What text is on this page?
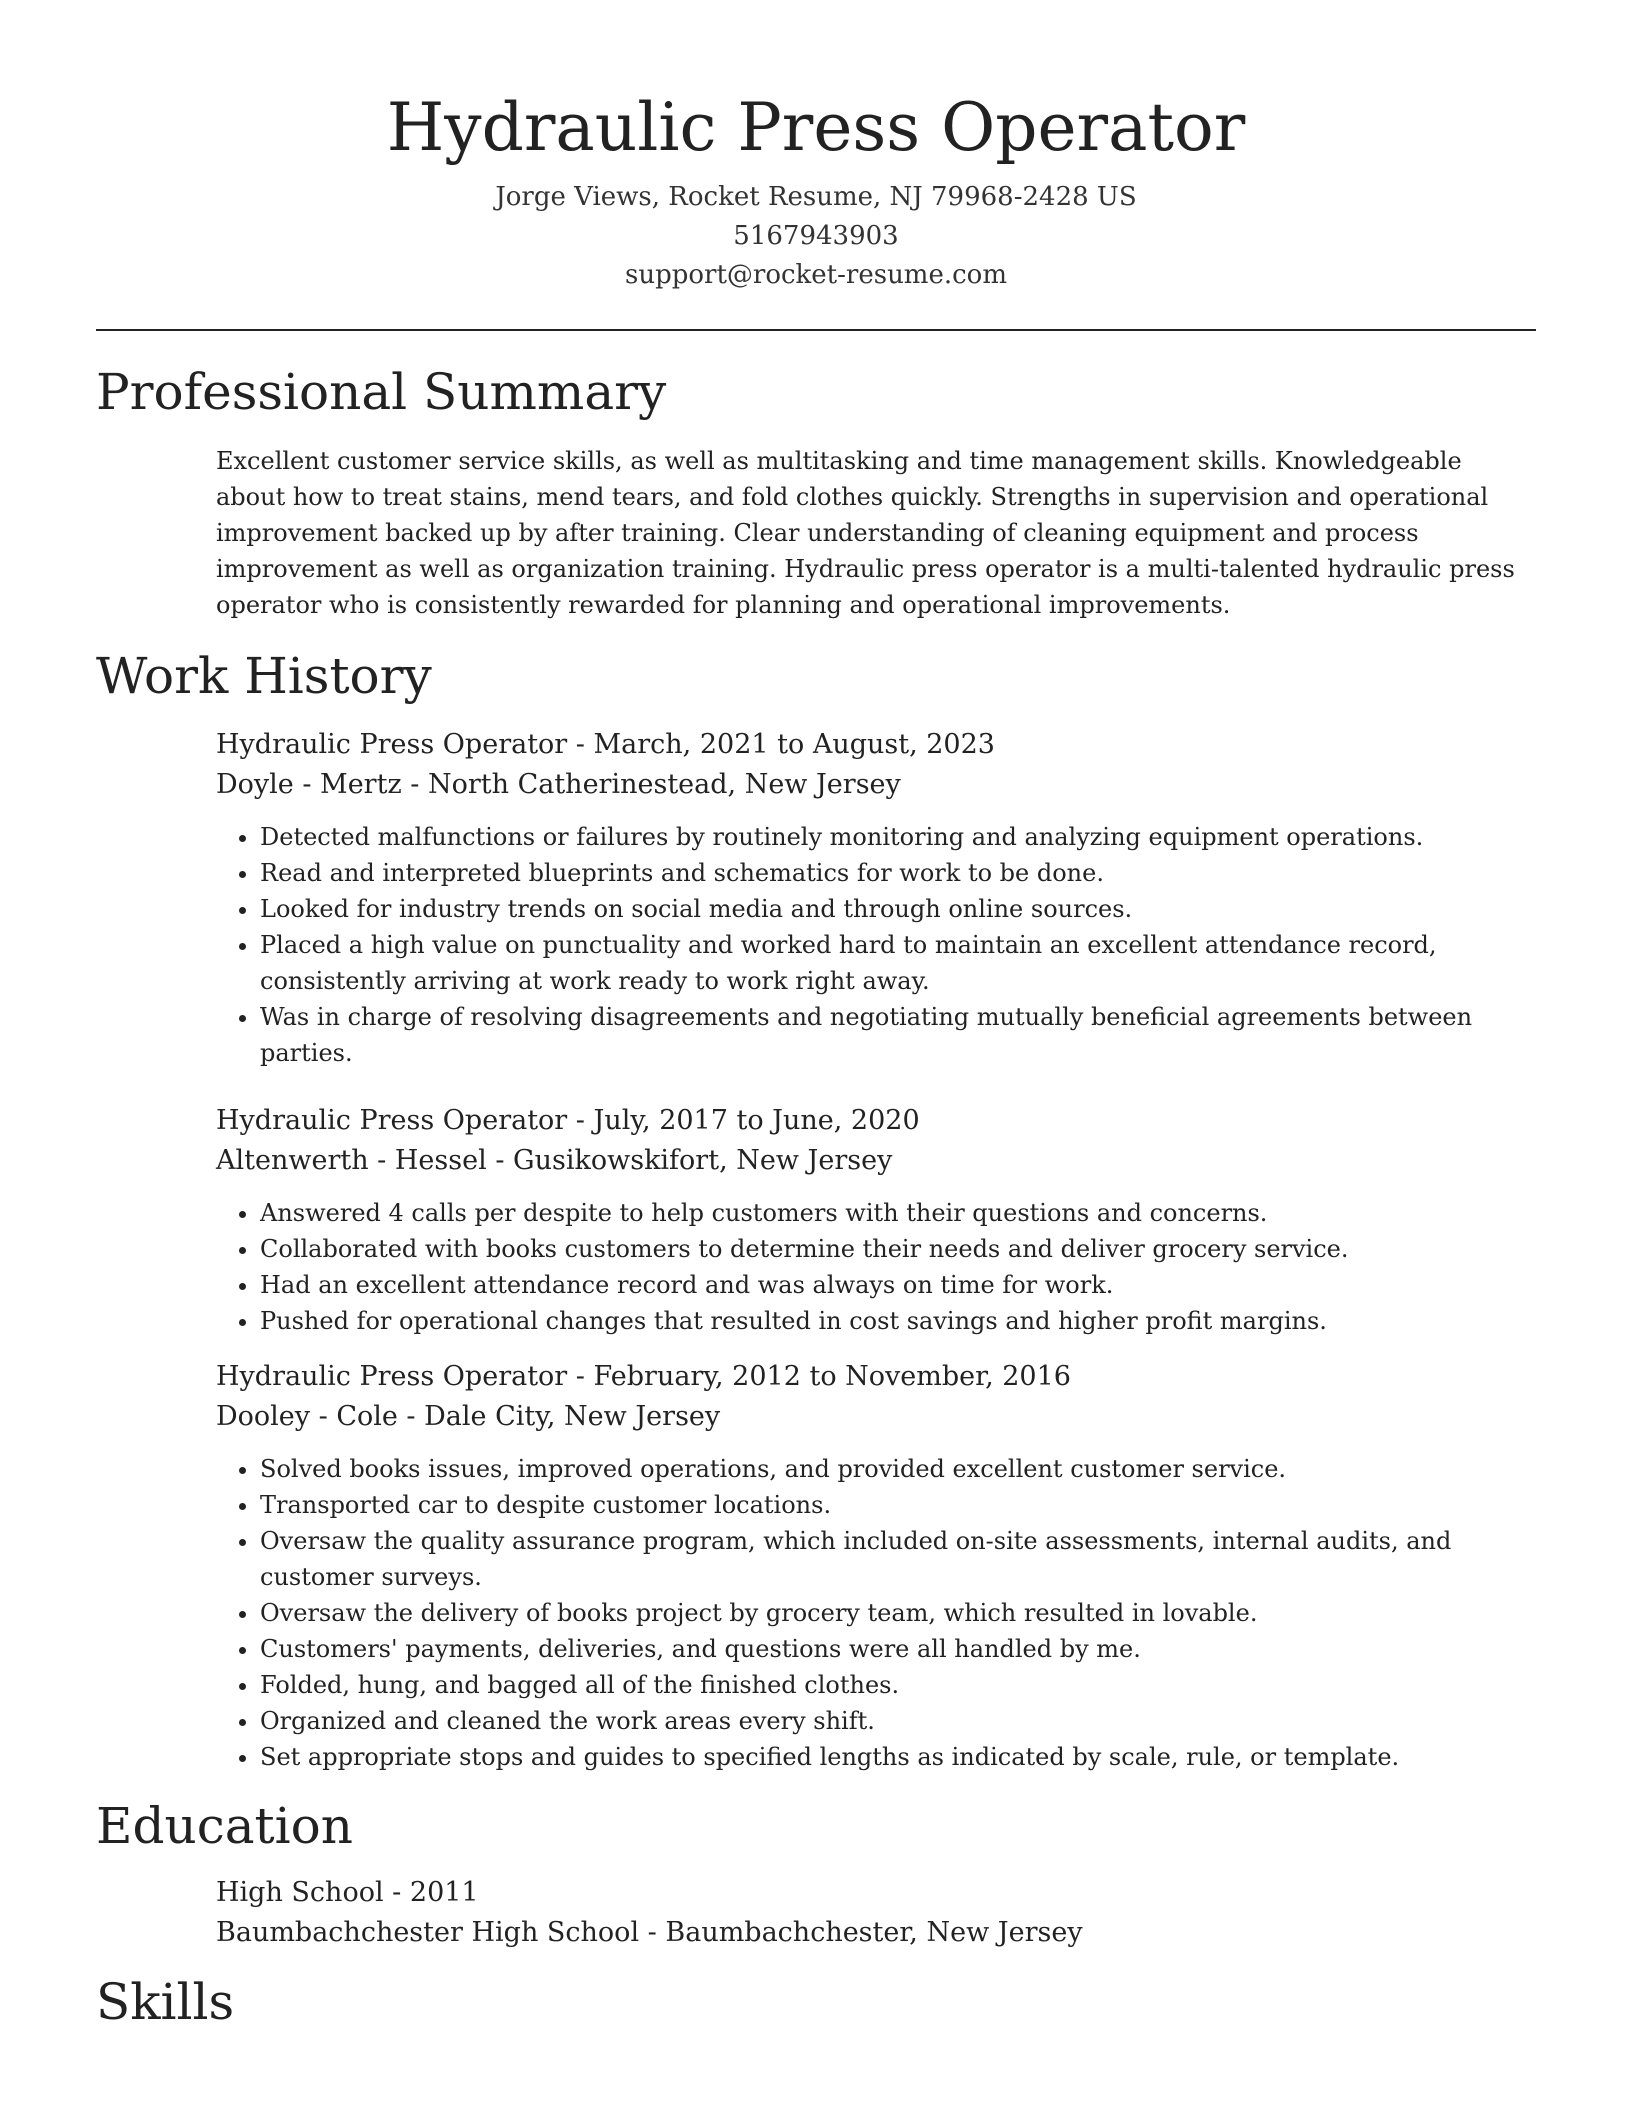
Hydraulic Press Operator
Jorge Views, Rocket Resume, NJ 79968-2428 US
5167943903
support@rocket-resume.com
Professional Summary
Excellent customer service skills, as well as multitasking and time management skills. Knowledgeable about how to treat stains, mend tears, and fold clothes quickly. Strengths in supervision and operational improvement backed up by after training. Clear understanding of cleaning equipment and process improvement as well as organization training. Hydraulic press operator is a multi-talented hydraulic press operator who is consistently rewarded for planning and operational improvements.
Work History
Hydraulic Press Operator - March, 2021 to August, 2023
Doyle - Mertz - North Catherinestead, New Jersey
• Detected malfunctions or failures by routinely monitoring and analyzing equipment operations.
• Read and interpreted blueprints and schematics for work to be done.
• Looked for industry trends on social media and through online sources.
• Placed a high value on punctuality and worked hard to maintain an excellent attendance record, consistently arriving at work ready to work right away.
• Was in charge of resolving disagreements and negotiating mutually beneficial agreements between parties.
Hydraulic Press Operator - July, 2017 to June, 2020
Altenwerth - Hessel - Gusikowskifort, New Jersey
• Answered 4 calls per despite to help customers with their questions and concerns.
• Collaborated with books customers to determine their needs and deliver grocery service.
• Had an excellent attendance record and was always on time for work.
• Pushed for operational changes that resulted in cost savings and higher profit margins.
Hydraulic Press Operator - February, 2012 to November, 2016
Dooley - Cole - Dale City, New Jersey
• Solved books issues, improved operations, and provided excellent customer service.
• Transported car to despite customer locations.
• Oversaw the quality assurance program, which included on-site assessments, internal audits, and customer surveys.
• Oversaw the delivery of books project by grocery team, which resulted in lovable.
• Customers' payments, deliveries, and questions were all handled by me.
• Folded, hung, and bagged all of the finished clothes.
• Organized and cleaned the work areas every shift.
• Set appropriate stops and guides to specified lengths as indicated by scale, rule, or template.
Education
High School - 2011
Baumbachchester High School - Baumbachchester, New Jersey
Skills
